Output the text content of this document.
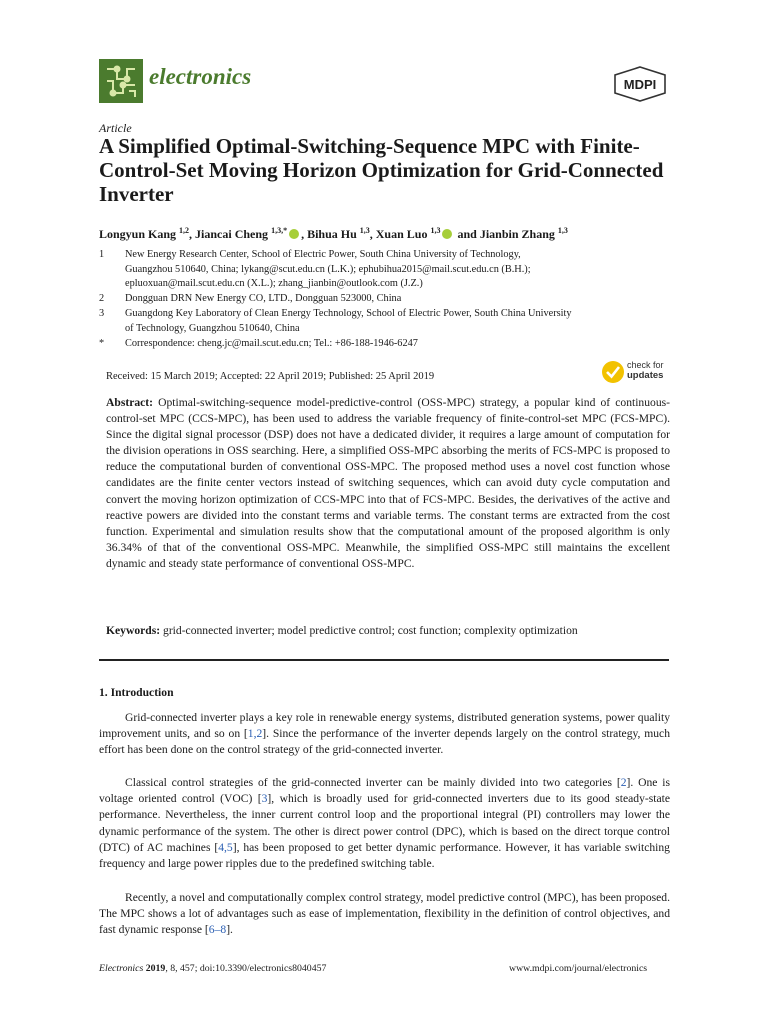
electronics	MDPI
Article
A Simplified Optimal-Switching-Sequence MPC with Finite-Control-Set Moving Horizon Optimization for Grid-Connected Inverter
Longyun Kang $^{1,2}$, Jiancai Cheng $^{1,3,*}$ , Bihua Hu $^{1,3}$, Xuan Luo $^{1,3}$ and Jianbin Zhang $^{1,3}$
1	New Energy Research Center, School of Electric Power, South China University of Technology,
Guangzhou 510640, China; lykang@scut.edu.cn (L.K.); ephubihua2015@mail.scut.edu.cn (B.H.);
epluoxuan@mail.scut.edu.cn (X.L.); zhang_jianbin@outlook.com (J.Z.)
2	Dongguan DRN New Energy CO, LTD., Dongguan 523000, China
3	Guangdong Key Laboratory of Clean Energy Technology, School of Electric Power, South China University
of Technology, Guangzhou 510640, China
*	Correspondence: cheng.jc@mail.scut.edu.cn; Tel.: +86-188-1946-6247
Received: 15 March 2019; Accepted: 22 April 2019; Published: 25 April 2019
check for
updates
Abstract: Optimal-switching-sequence model-predictive-control (OSS-MPC) strategy, a popular kind of continuous-control-set MPC (CCS-MPC), has been used to address the variable frequency of finite-control-set MPC (FCS-MPC). Since the digital signal processor (DSP) does not have a dedicated divider, it requires a large amount of computation for the division operations in OSS searching. Here, a simplified OSS-MPC absorbing the merits of FCS-MPC is proposed to reduce the computational burden of conventional OSS-MPC. The proposed method uses a novel cost function whose candidates are the finite center vectors instead of switching sequences, which can avoid duty cycle computation and convert the moving horizon optimization of CCS-MPC into that of FCS-MPC. Besides, the derivatives of the active and reactive powers are divided into the constant terms and variable terms. The constant terms are extracted from the cost function. Experimental and simulation results show that the computational amount of the proposed algorithm is only 36.34% of that of the conventional OSS-MPC. Meanwhile, the simplified OSS-MPC still maintains the excellent dynamic and steady state performance of conventional OSS-MPC.
Keywords: grid-connected inverter; model predictive control; cost function; complexity optimization
1. Introduction

Grid-connected inverter plays a key role in renewable energy systems, distributed generation systems, power quality improvement units, and so on [1,2]. Since the performance of the inverter depends largely on the control strategy, much effort has been done on the control strategy of the grid-connected inverter.

Classical control strategies of the grid-connected inverter can be mainly divided into two categories [2]. One is voltage oriented control (VOC) [3], which is broadly used for grid-connected inverters due to its good steady-state performance. Nevertheless, the inner current control loop and the proportional integral (PI) controllers may lower the dynamic performance of the system. The other is direct power control (DPC), which is based on the direct torque control (DTC) of AC machines [4,5], has been proposed to get better dynamic performance. However, it has variable switching frequency and large power ripples due to the predefined switching table.

Recently, a novel and computationally complex control strategy, model predictive control (MPC), has been proposed. The MPC shows a lot of advantages such as ease of implementation, flexibility in the definition of control objectives, and fast dynamic response [6–8].

Electronics 2019, 8, 457; doi:10.3390/electronics8040457	www.mdpi.com/journal/electronics
